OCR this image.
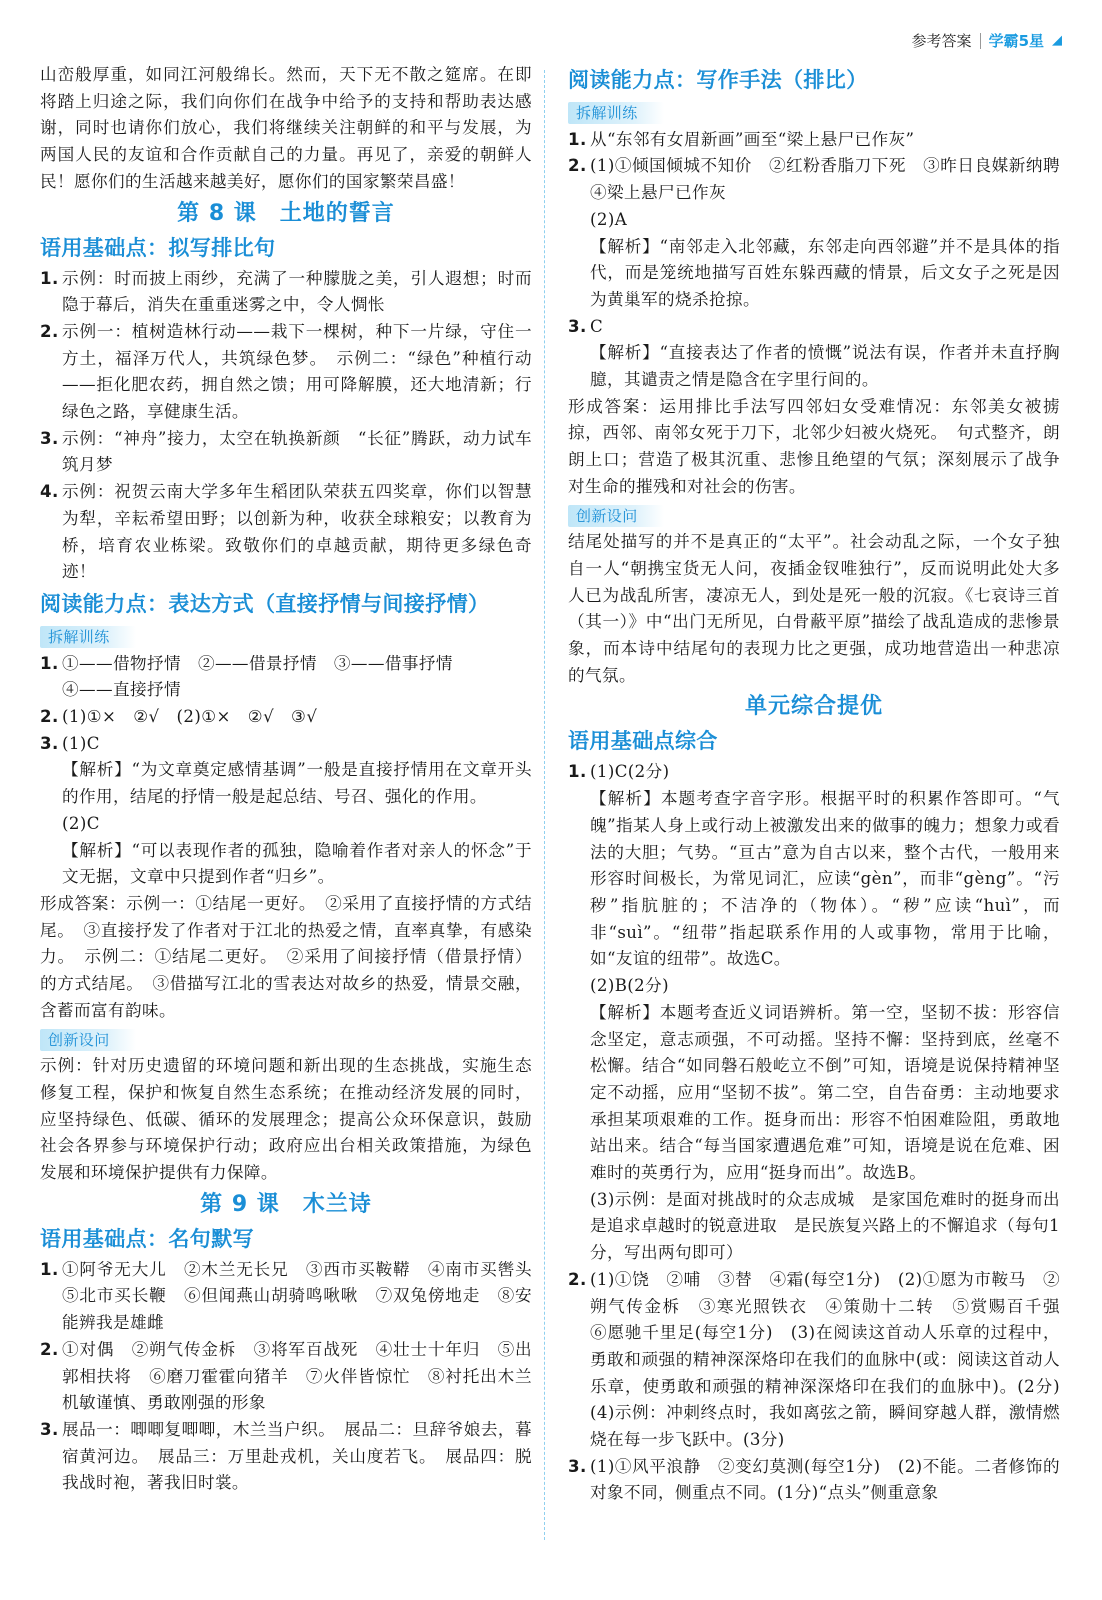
参考答案 学霸5星 ◢

山峦般厚重，如同江河般绵长。然而，天下无不散之筵席。在即将踏上归途之际，我们向你们在战争中给予的支持和帮助表达感谢，同时也请你们放心，我们将继续关注朝鲜的和平与发展，为两国人民的友谊和合作贡献自己的力量。再见了，亲爱的朝鲜人民！愿你们的生活越来越美好，愿你们的国家繁荣昌盛！

第 8 课　土地的誓言
语用基础点：拟写排比句
1. 示例：时而披上雨纱，充满了一种朦胧之美，引人遐想；时而隐于幕后，消失在重重迷雾之中，令人惆怅
2. 示例一：植树造林行动——栽下一棵树，种下一片绿，守住一方土，福泽万代人，共筑绿色梦。　示例二：“绿色”种植行动——拒化肥农药，拥自然之馈；用可降解膜，还大地清新；行绿色之路，享健康生活。
3. 示例：“神舟”接力，太空在轨换新颜　“长征”腾跃，动力试车筑月梦
4. 示例：祝贺云南大学多年生稻团队荣获五四奖章，你们以智慧为犁，辛耘希望田野；以创新为种，收获全球粮安；以教育为桥，培育农业栋梁。致敬你们的卓越贡献，期待更多绿色奇迹！
阅读能力点：表达方式（直接抒情与间接抒情）
拆解训练
1. ①——借物抒情　②——借景抒情　③——借事抒情

④——直接抒情

2. (1)①×　②√　(2)①×　②√　③√
3. (1)C

【解析】“为文章奠定感情基调”一般是直接抒情用在文章开头的作用，结尾的抒情一般是起总结、号召、强化的作用。

(2)C

【解析】“可以表现作者的孤独，隐喻着作者对亲人的怀念”于文无据，文章中只提到作者“归乡”。

形成答案：示例一：①结尾一更好。　②采用了直接抒情的方式结尾。　③直接抒发了作者对于江北的热爱之情，直率真挚，有感染力。　示例二：①结尾二更好。　②采用了间接抒情（借景抒情）的方式结尾。　③借描写江北的雪表达对故乡的热爱，情景交融，含蓄而富有韵味。

创新设问

示例：针对历史遗留的环境问题和新出现的生态挑战，实施生态修复工程，保护和恢复自然生态系统；在推动经济发展的同时，应坚持绿色、低碳、循环的发展理念；提高公众环保意识，鼓励社会各界参与环境保护行动；政府应出台相关政策措施，为绿色发展和环境保护提供有力保障。

第 9 课　木兰诗
语用基础点：名句默写
1. ①阿爷无大儿　②木兰无长兄　③西市买鞍鞯　④南市买辔头　⑤北市买长鞭　⑥但闻燕山胡骑鸣啾啾　⑦双兔傍地走　⑧安能辨我是雄雌
2. ①对偶　②朔气传金柝　③将军百战死　④壮士十年归　⑤出郭相扶将　⑥磨刀霍霍向猪羊　⑦火伴皆惊忙　⑧衬托出木兰机敏谨慎、勇敢刚强的形象
3. 展品一：唧唧复唧唧，木兰当户织。　展品二：旦辞爷娘去，暮宿黄河边。　展品三：万里赴戎机，关山度若飞。　展品四：脱我战时袍，著我旧时裳。
阅读能力点：写作手法（排比）
拆解训练
1. 从“东邻有女眉新画”画至“梁上悬尸已作灰”
2. (1)①倾国倾城不知价　②红粉香脂刀下死　③昨日良媒新纳聘　④梁上悬尸已作灰

(2)A

【解析】“南邻走入北邻藏，东邻走向西邻避”并不是具体的指代，而是笼统地描写百姓东躲西藏的情景，后文女子之死是因为黄巢军的烧杀抢掠。

3. C

【解析】“直接表达了作者的愤慨”说法有误，作者并未直抒胸臆，其谴责之情是隐含在字里行间的。

形成答案：运用排比手法写四邻妇女受难情况：东邻美女被掳掠，西邻、南邻女死于刀下，北邻少妇被火烧死。　句式整齐，朗朗上口；营造了极其沉重、悲惨且绝望的气氛；深刻展示了战争对生命的摧残和对社会的伤害。

创新设问

结尾处描写的并不是真正的“太平”。社会动乱之际，一个女子独自一人“朝携宝货无人问，夜插金钗唯独行”，反而说明此处大多人已为战乱所害，凄凉无人，到处是死一般的沉寂。《七哀诗三首（其一）》中“出门无所见，白骨蔽平原”描绘了战乱造成的悲惨景象，而本诗中结尾句的表现力比之更强，成功地营造出一种悲凉的气氛。

单元综合提优
语用基础点综合
1. (1)C(2分)

【解析】本题考查字音字形。根据平时的积累作答即可。“气魄”指某人身上或行动上被激发出来的做事的魄力；想象力或看法的大胆；气势。“亘古”意为自古以来，整个古代，一般用来形容时间极长，为常见词汇，应读“gèn”，而非“gèng”。“污秽”指肮脏的；不洁净的（物体）。“秽”应读“huì”，而非“suì”。“纽带”指起联系作用的人或事物，常用于比喻，如“友谊的纽带”。故选C。

(2)B(2分)

【解析】本题考查近义词语辨析。第一空，坚韧不拔：形容信念坚定，意志顽强，不可动摇。坚持不懈：坚持到底，丝毫不松懈。结合“如同磐石般屹立不倒”可知，语境是说保持精神坚定不动摇，应用“坚韧不拔”。第二空，自告奋勇：主动地要求承担某项艰难的工作。挺身而出：形容不怕困难险阻，勇敢地站出来。结合“每当国家遭遇危难”可知，语境是说在危难、困难时的英勇行为，应用“挺身而出”。故选B。

(3)示例：是面对挑战时的众志成城　是家国危难时的挺身而出　是追求卓越时的锐意进取　是民族复兴路上的不懈追求（每句1分，写出两句即可）

2. (1)①饶　②哺　③替　④霜(每空1分)　(2)①愿为市鞍马　②朔气传金柝　③寒光照铁衣　④策勋十二转　⑤赏赐百千强　⑥愿驰千里足(每空1分)　(3)在阅读这首动人乐章的过程中，勇敢和顽强的精神深深烙印在我们的血脉中(或：阅读这首动人乐章，使勇敢和顽强的精神深深烙印在我们的血脉中)。(2分)　(4)示例：冲刺终点时，我如离弦之箭，瞬间穿越人群，激情燃烧在每一步飞跃中。(3分)
3. (1)①风平浪静　②变幻莫测(每空1分)　(2)不能。二者修饰的对象不同，侧重点不同。(1分)“点头”侧重意象
